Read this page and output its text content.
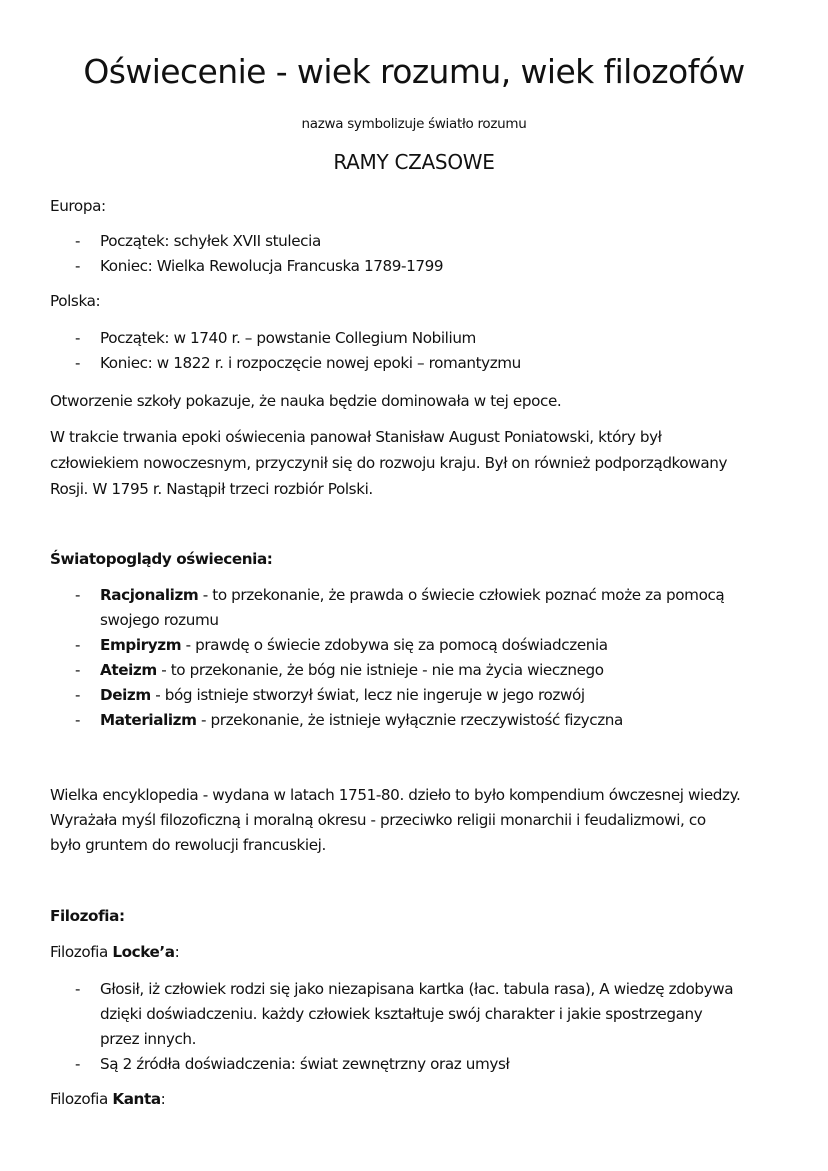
Oświecenie - wiek rozumu, wiek filozofów
nazwa symbolizuje światło rozumu
RAMY CZASOWE
Europa:
- Początek: schyłek XVII stulecia
- Koniec: Wielka Rewolucja Francuska 1789-1799
Polska:
- Początek: w 1740 r. – powstanie Collegium Nobilium
- Koniec: w 1822 r. i rozpoczęcie nowej epoki – romantyzmu
Otworzenie szkoły pokazuje, że nauka będzie dominowała w tej epoce.
W trakcie trwania epoki oświecenia panował Stanisław August Poniatowski, który był
człowiekiem nowoczesnym, przyczynił się do rozwoju kraju. Był on również podporządkowany
Rosji. W 1795 r. Nastąpił trzeci rozbiór Polski.
Światopoglądy oświecenia:
- Racjonalizm - to przekonanie, że prawda o świecie człowiek poznać może za pomocą
swojego rozumu
- Empiryzm - prawdę o świecie zdobywa się za pomocą doświadczenia
- Ateizm - to przekonanie, że bóg nie istnieje - nie ma życia wiecznego
- Deizm - bóg istnieje stworzył świat, lecz nie ingeruje w jego rozwój
- Materializm - przekonanie, że istnieje wyłącznie rzeczywistość fizyczna
Wielka encyklopedia - wydana w latach 1751-80. dzieło to było kompendium ówczesnej wiedzy.
Wyrażała myśl filozoficzną i moralną okresu - przeciwko religii monarchii i feudalizmowi, co
było gruntem do rewolucji francuskiej.
Filozofia:
Filozofia Locke’a:
- Głosił, iż człowiek rodzi się jako niezapisana kartka (łac. tabula rasa), A wiedzę zdobywa
dzięki doświadczeniu. każdy człowiek kształtuje swój charakter i jakie spostrzegany
przez innych.
- Są 2 źródła doświadczenia: świat zewnętrzny oraz umysł
Filozofia Kanta:
